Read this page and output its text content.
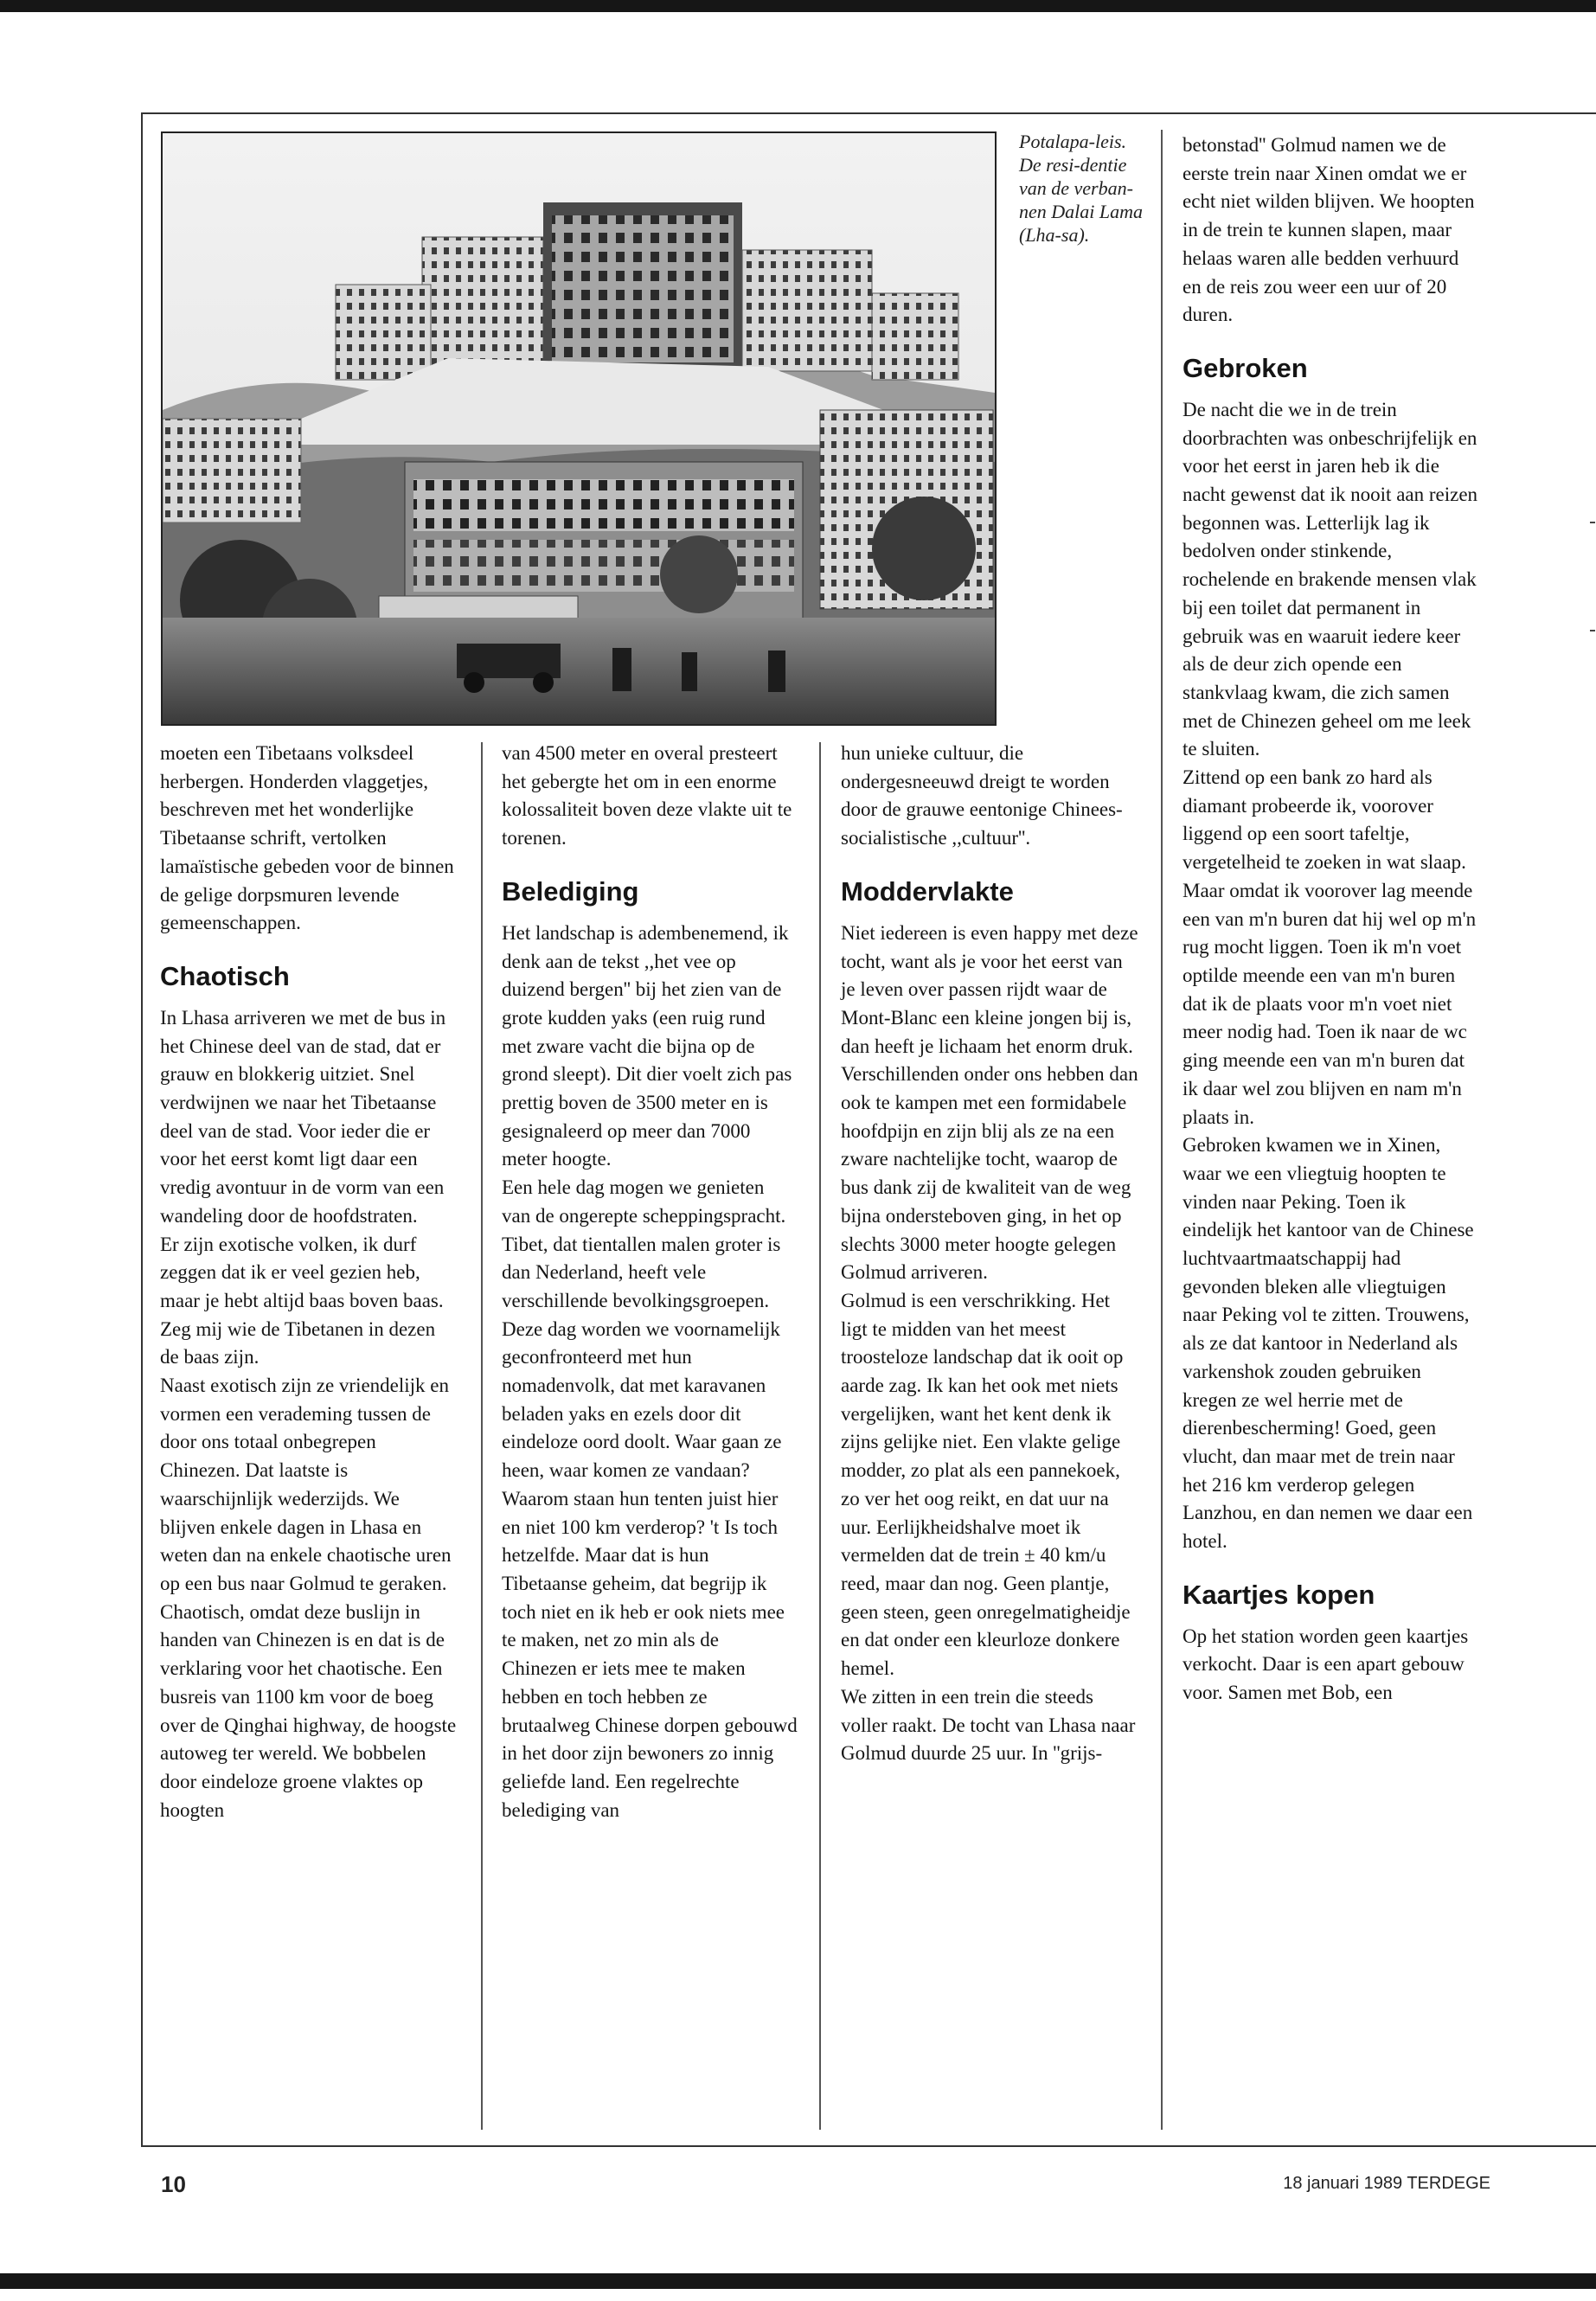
Potalapa-leis. De resi-dentie van de verban-nen Dalai Lama (Lha-sa).

moeten een Tibetaans volksdeel herbergen. Honderden vlaggetjes, beschreven met het wonderlijke Tibetaanse schrift, vertolken lamaïstische gebeden voor de binnen de gelige dorpsmuren levende gemeenschappen.

Chaotisch

In Lhasa arriveren we met de bus in het Chinese deel van de stad, dat er grauw en blokkerig uitziet. Snel verdwijnen we naar het Tibetaanse deel van de stad. Voor ieder die er voor het eerst komt ligt daar een vredig avontuur in de vorm van een wandeling door de hoofdstraten.

Er zijn exotische volken, ik durf zeggen dat ik er veel gezien heb, maar je hebt altijd baas boven baas. Zeg mij wie de Tibetanen in dezen de baas zijn.

Naast exotisch zijn ze vriendelijk en vormen een verademing tussen de door ons totaal onbegrepen Chinezen. Dat laatste is waarschijnlijk wederzijds. We blijven enkele dagen in Lhasa en weten dan na enkele chaotische uren op een bus naar Golmud te geraken. Chaotisch, omdat deze buslijn in handen van Chinezen is en dat is de verklaring voor het chaotische. Een busreis van 1100 km voor de boeg over de Qinghai highway, de hoogste autoweg ter wereld. We bobbelen door eindeloze groene vlaktes op hoogten

van 4500 meter en overal presteert het gebergte het om in een enorme kolossaliteit boven deze vlakte uit te torenen.

Belediging

Het landschap is adembenemend, ik denk aan de tekst ,,het vee op duizend bergen'' bij het zien van de grote kudden yaks (een ruig rund met zware vacht die bijna op de grond sleept). Dit dier voelt zich pas prettig boven de 3500 meter en is gesignaleerd op meer dan 7000 meter hoogte.

Een hele dag mogen we genieten van de ongerepte scheppingspracht. Tibet, dat tientallen malen groter is dan Nederland, heeft vele verschillende bevolkingsgroepen. Deze dag worden we voornamelijk geconfronteerd met hun nomadenvolk, dat met karavanen beladen yaks en ezels door dit eindeloze oord doolt. Waar gaan ze heen, waar komen ze vandaan?

Waarom staan hun tenten juist hier en niet 100 km verderop? 't Is toch hetzelfde. Maar dat is hun Tibetaanse geheim, dat begrijp ik toch niet en ik heb er ook niets mee te maken, net zo min als de Chinezen er iets mee te maken hebben en toch hebben ze brutaalweg Chinese dorpen gebouwd in het door zijn bewoners zo innig geliefde land. Een regelrechte belediging van

hun unieke cultuur, die ondergesneeuwd dreigt te worden door de grauwe eentonige Chinees-socialistische ,,cultuur''.

Moddervlakte

Niet iedereen is even happy met deze tocht, want als je voor het eerst van je leven over passen rijdt waar de Mont-Blanc een kleine jongen bij is, dan heeft je lichaam het enorm druk. Verschillenden onder ons hebben dan ook te kampen met een formidabele hoofdpijn en zijn blij als ze na een zware nachtelijke tocht, waarop de bus dank zij de kwaliteit van de weg bijna ondersteboven ging, in het op slechts 3000 meter hoogte gelegen Golmud arriveren.

Golmud is een verschrikking. Het ligt te midden van het meest troosteloze landschap dat ik ooit op aarde zag. Ik kan het ook met niets vergelijken, want het kent denk ik zijns gelijke niet. Een vlakte gelige modder, zo plat als een pannekoek, zo ver het oog reikt, en dat uur na uur. Eerlijkheidshalve moet ik vermelden dat de trein ± 40 km/u reed, maar dan nog. Geen plantje, geen steen, geen onregelmatigheidje en dat onder een kleurloze donkere hemel.

We zitten in een trein die steeds voller raakt. De tocht van Lhasa naar Golmud duurde 25 uur. In ''grijs-

betonstad'' Golmud namen we de eerste trein naar Xinen omdat we er echt niet wilden blijven. We hoopten in de trein te kunnen slapen, maar helaas waren alle bedden verhuurd en de reis zou weer een uur of 20 duren.

Gebroken

De nacht die we in de trein doorbrachten was onbeschrijfelijk en voor het eerst in jaren heb ik die nacht gewenst dat ik nooit aan reizen begonnen was. Letterlijk lag ik bedolven onder stinkende, rochelende en brakende mensen vlak bij een toilet dat permanent in gebruik was en waaruit iedere keer als de deur zich opende een stankvlaag kwam, die zich samen met de Chinezen geheel om me leek te sluiten.

Zittend op een bank zo hard als diamant probeerde ik, voorover liggend op een soort tafeltje, vergetelheid te zoeken in wat slaap.

Maar omdat ik voorover lag meende een van m'n buren dat hij wel op m'n rug mocht liggen. Toen ik m'n voet optilde meende een van m'n buren dat ik de plaats voor m'n voet niet meer nodig had. Toen ik naar de wc ging meende een van m'n buren dat ik daar wel zou blijven en nam m'n plaats in.

Gebroken kwamen we in Xinen, waar we een vliegtuig hoopten te vinden naar Peking. Toen ik eindelijk het kantoor van de Chinese luchtvaartmaatschappij had gevonden bleken alle vliegtuigen naar Peking vol te zitten. Trouwens, als ze dat kantoor in Nederland als varkenshok zouden gebruiken kregen ze wel herrie met de dierenbescherming! Goed, geen vlucht, dan maar met de trein naar het 216 km verderop gelegen Lanzhou, en dan nemen we daar een hotel.

Kaartjes kopen

Op het station worden geen kaartjes verkocht. Daar is een apart gebouw voor. Samen met Bob, een

10	18 januari 1989 TERDEGE
